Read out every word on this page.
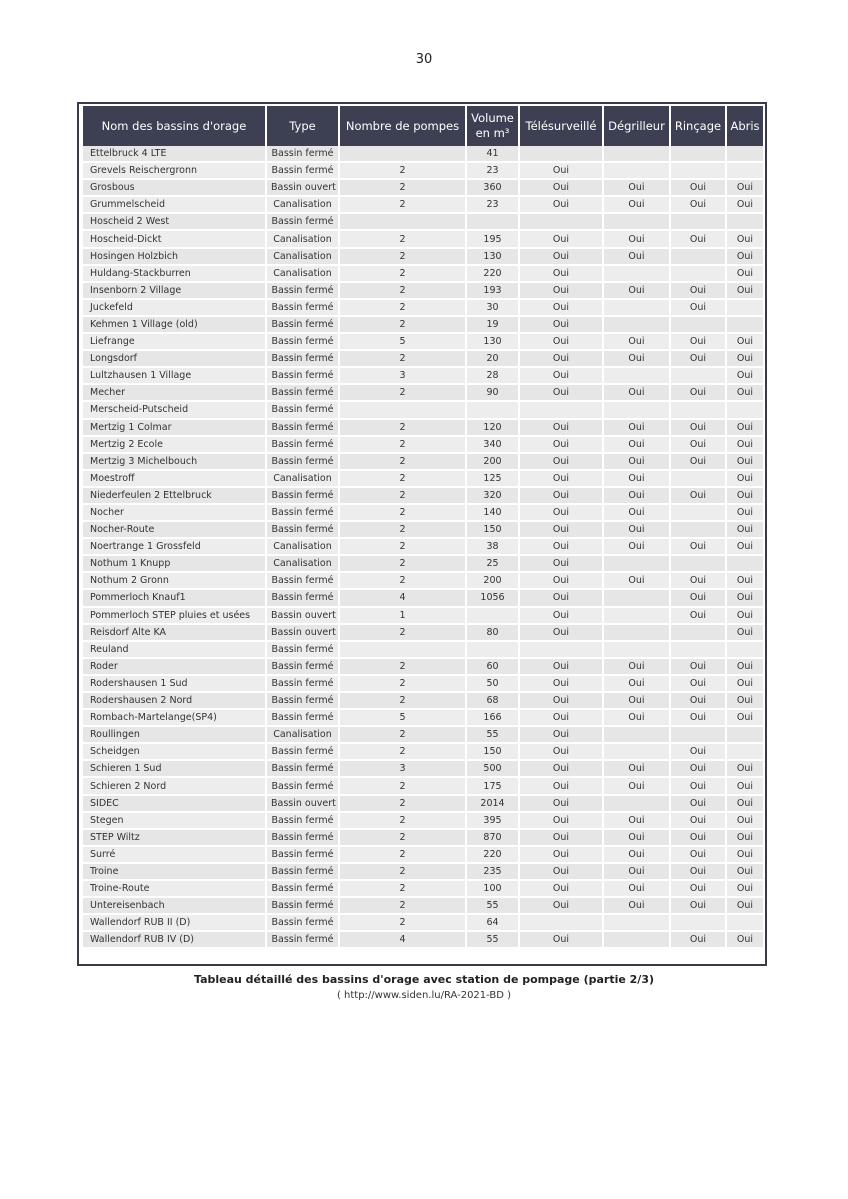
30
Nom des bassins d'orage	Type	Nombre de pompes	Volume
en m³	Télésurveillé	Dégrilleur	Rinçage	Abris
Ettelbruck 4 LTE	Bassin fermé		41				
Grevels Reischergronn	Bassin fermé	2	23	Oui			
Grosbous	Bassin ouvert	2	360	Oui	Oui	Oui	Oui
Grummelscheid	Canalisation	2	23	Oui	Oui	Oui	Oui
Hoscheid 2 West	Bassin fermé						
Hoscheid-Dickt	Canalisation	2	195	Oui	Oui	Oui	Oui
Hosingen Holzbich	Canalisation	2	130	Oui	Oui		Oui
Huldang-Stackburren	Canalisation	2	220	Oui			Oui
Insenborn 2 Village	Bassin fermé	2	193	Oui	Oui	Oui	Oui
Juckefeld	Bassin fermé	2	30	Oui		Oui	
Kehmen 1 Village (old)	Bassin fermé	2	19	Oui			
Liefrange	Bassin fermé	5	130	Oui	Oui	Oui	Oui
Longsdorf	Bassin fermé	2	20	Oui	Oui	Oui	Oui
Lultzhausen 1 Village	Bassin fermé	3	28	Oui			Oui
Mecher	Bassin fermé	2	90	Oui	Oui	Oui	Oui
Merscheid-Putscheid	Bassin fermé						
Mertzig 1 Colmar	Bassin fermé	2	120	Oui	Oui	Oui	Oui
Mertzig 2 Ecole	Bassin fermé	2	340	Oui	Oui	Oui	Oui
Mertzig 3 Michelbouch	Bassin fermé	2	200	Oui	Oui	Oui	Oui
Moestroff	Canalisation	2	125	Oui	Oui		Oui
Niederfeulen 2 Ettelbruck	Bassin fermé	2	320	Oui	Oui	Oui	Oui
Nocher	Bassin fermé	2	140	Oui	Oui		Oui
Nocher-Route	Bassin fermé	2	150	Oui	Oui		Oui
Noertrange 1 Grossfeld	Canalisation	2	38	Oui	Oui	Oui	Oui
Nothum 1 Knupp	Canalisation	2	25	Oui			
Nothum 2 Gronn	Bassin fermé	2	200	Oui	Oui	Oui	Oui
Pommerloch Knauf1	Bassin fermé	4	1056	Oui		Oui	Oui
Pommerloch STEP pluies et usées	Bassin ouvert	1		Oui		Oui	Oui
Reisdorf Alte KA	Bassin ouvert	2	80	Oui			Oui
Reuland	Bassin fermé						
Roder	Bassin fermé	2	60	Oui	Oui	Oui	Oui
Rodershausen 1 Sud	Bassin fermé	2	50	Oui	Oui	Oui	Oui
Rodershausen 2 Nord	Bassin fermé	2	68	Oui	Oui	Oui	Oui
Rombach-Martelange(SP4)	Bassin fermé	5	166	Oui	Oui	Oui	Oui
Roullingen	Canalisation	2	55	Oui			
Scheidgen	Bassin fermé	2	150	Oui		Oui	
Schieren 1 Sud	Bassin fermé	3	500	Oui	Oui	Oui	Oui
Schieren 2 Nord	Bassin fermé	2	175	Oui	Oui	Oui	Oui
SIDEC	Bassin ouvert	2	2014	Oui		Oui	Oui
Stegen	Bassin fermé	2	395	Oui	Oui	Oui	Oui
STEP Wiltz	Bassin fermé	2	870	Oui	Oui	Oui	Oui
Surré	Bassin fermé	2	220	Oui	Oui	Oui	Oui
Troine	Bassin fermé	2	235	Oui	Oui	Oui	Oui
Troine-Route	Bassin fermé	2	100	Oui	Oui	Oui	Oui
Untereisenbach	Bassin fermé	2	55	Oui	Oui	Oui	Oui
Wallendorf RUB II (D)	Bassin fermé	2	64				
Wallendorf RUB IV (D)	Bassin fermé	4	55	Oui		Oui	Oui
Tableau détaillé des bassins d'orage avec station de pompage (partie 2/3)
( http://www.siden.lu/RA-2021-BD )
